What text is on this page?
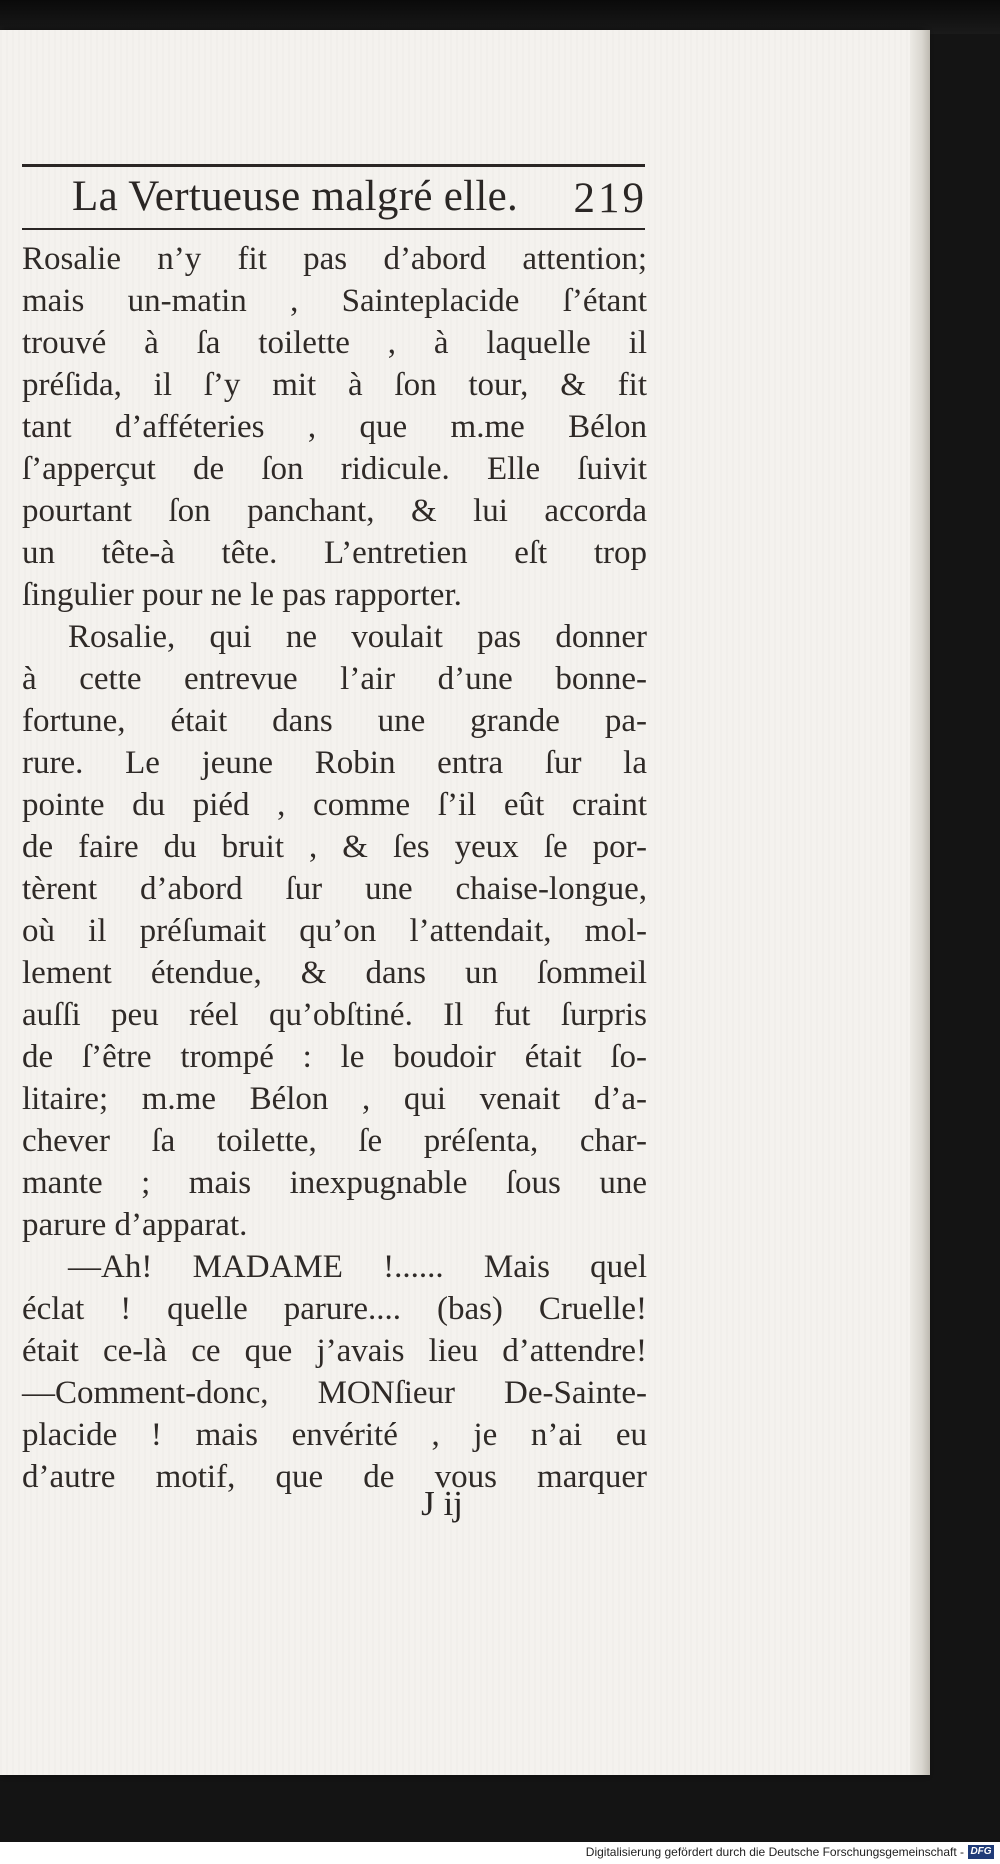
La Vertueuse malgré elle. 219
Rosalie n’y fit pas d’abord attention;
mais un-matin , Sainteplacide ſ’étant
trouvé à ſa toilette , à laquelle il
préſida, il ſ’y mit à ſon tour, & fit
tant d’afféteries , que m.me Bélon
ſ’apperçut de ſon ridicule. Elle ſuivit
pourtant ſon panchant, & lui accorda
un tête-à tête. L’entretien eſt trop
ſingulier pour ne le pas rapporter.
Rosalie, qui ne voulait pas donner
à cette entrevue l’air d’une bonne-
fortune, était dans une grande pa-
rure. Le jeune Robin entra ſur la
pointe du piéd , comme ſ’il eût craint
de faire du bruit , & ſes yeux ſe por-
tèrent d’abord ſur une chaise-longue,
où il préſumait qu’on l’attendait, mol-
lement étendue, & dans un ſommeil
auſſi peu réel qu’obſtiné. Il fut ſurpris
de ſ’être trompé : le boudoir était ſo-
litaire; m.me Bélon , qui venait d’a-
chever ſa toilette, ſe préſenta, char-
mante ; mais inexpugnable ſous une
parure d’apparat.
—Ah! MADAME !...... Mais quel
éclat ! quelle parure.... (bas) Cruelle!
était ce-là ce que j’avais lieu d’attendre!
—Comment-donc, MONſieur De-Sainte-
placide ! mais envérité , je n’ai eu
d’autre motif, que de vous marquer
J ij
Digitalisierung gefördert durch die Deutsche Forschungsgemeinschaft - DFG
